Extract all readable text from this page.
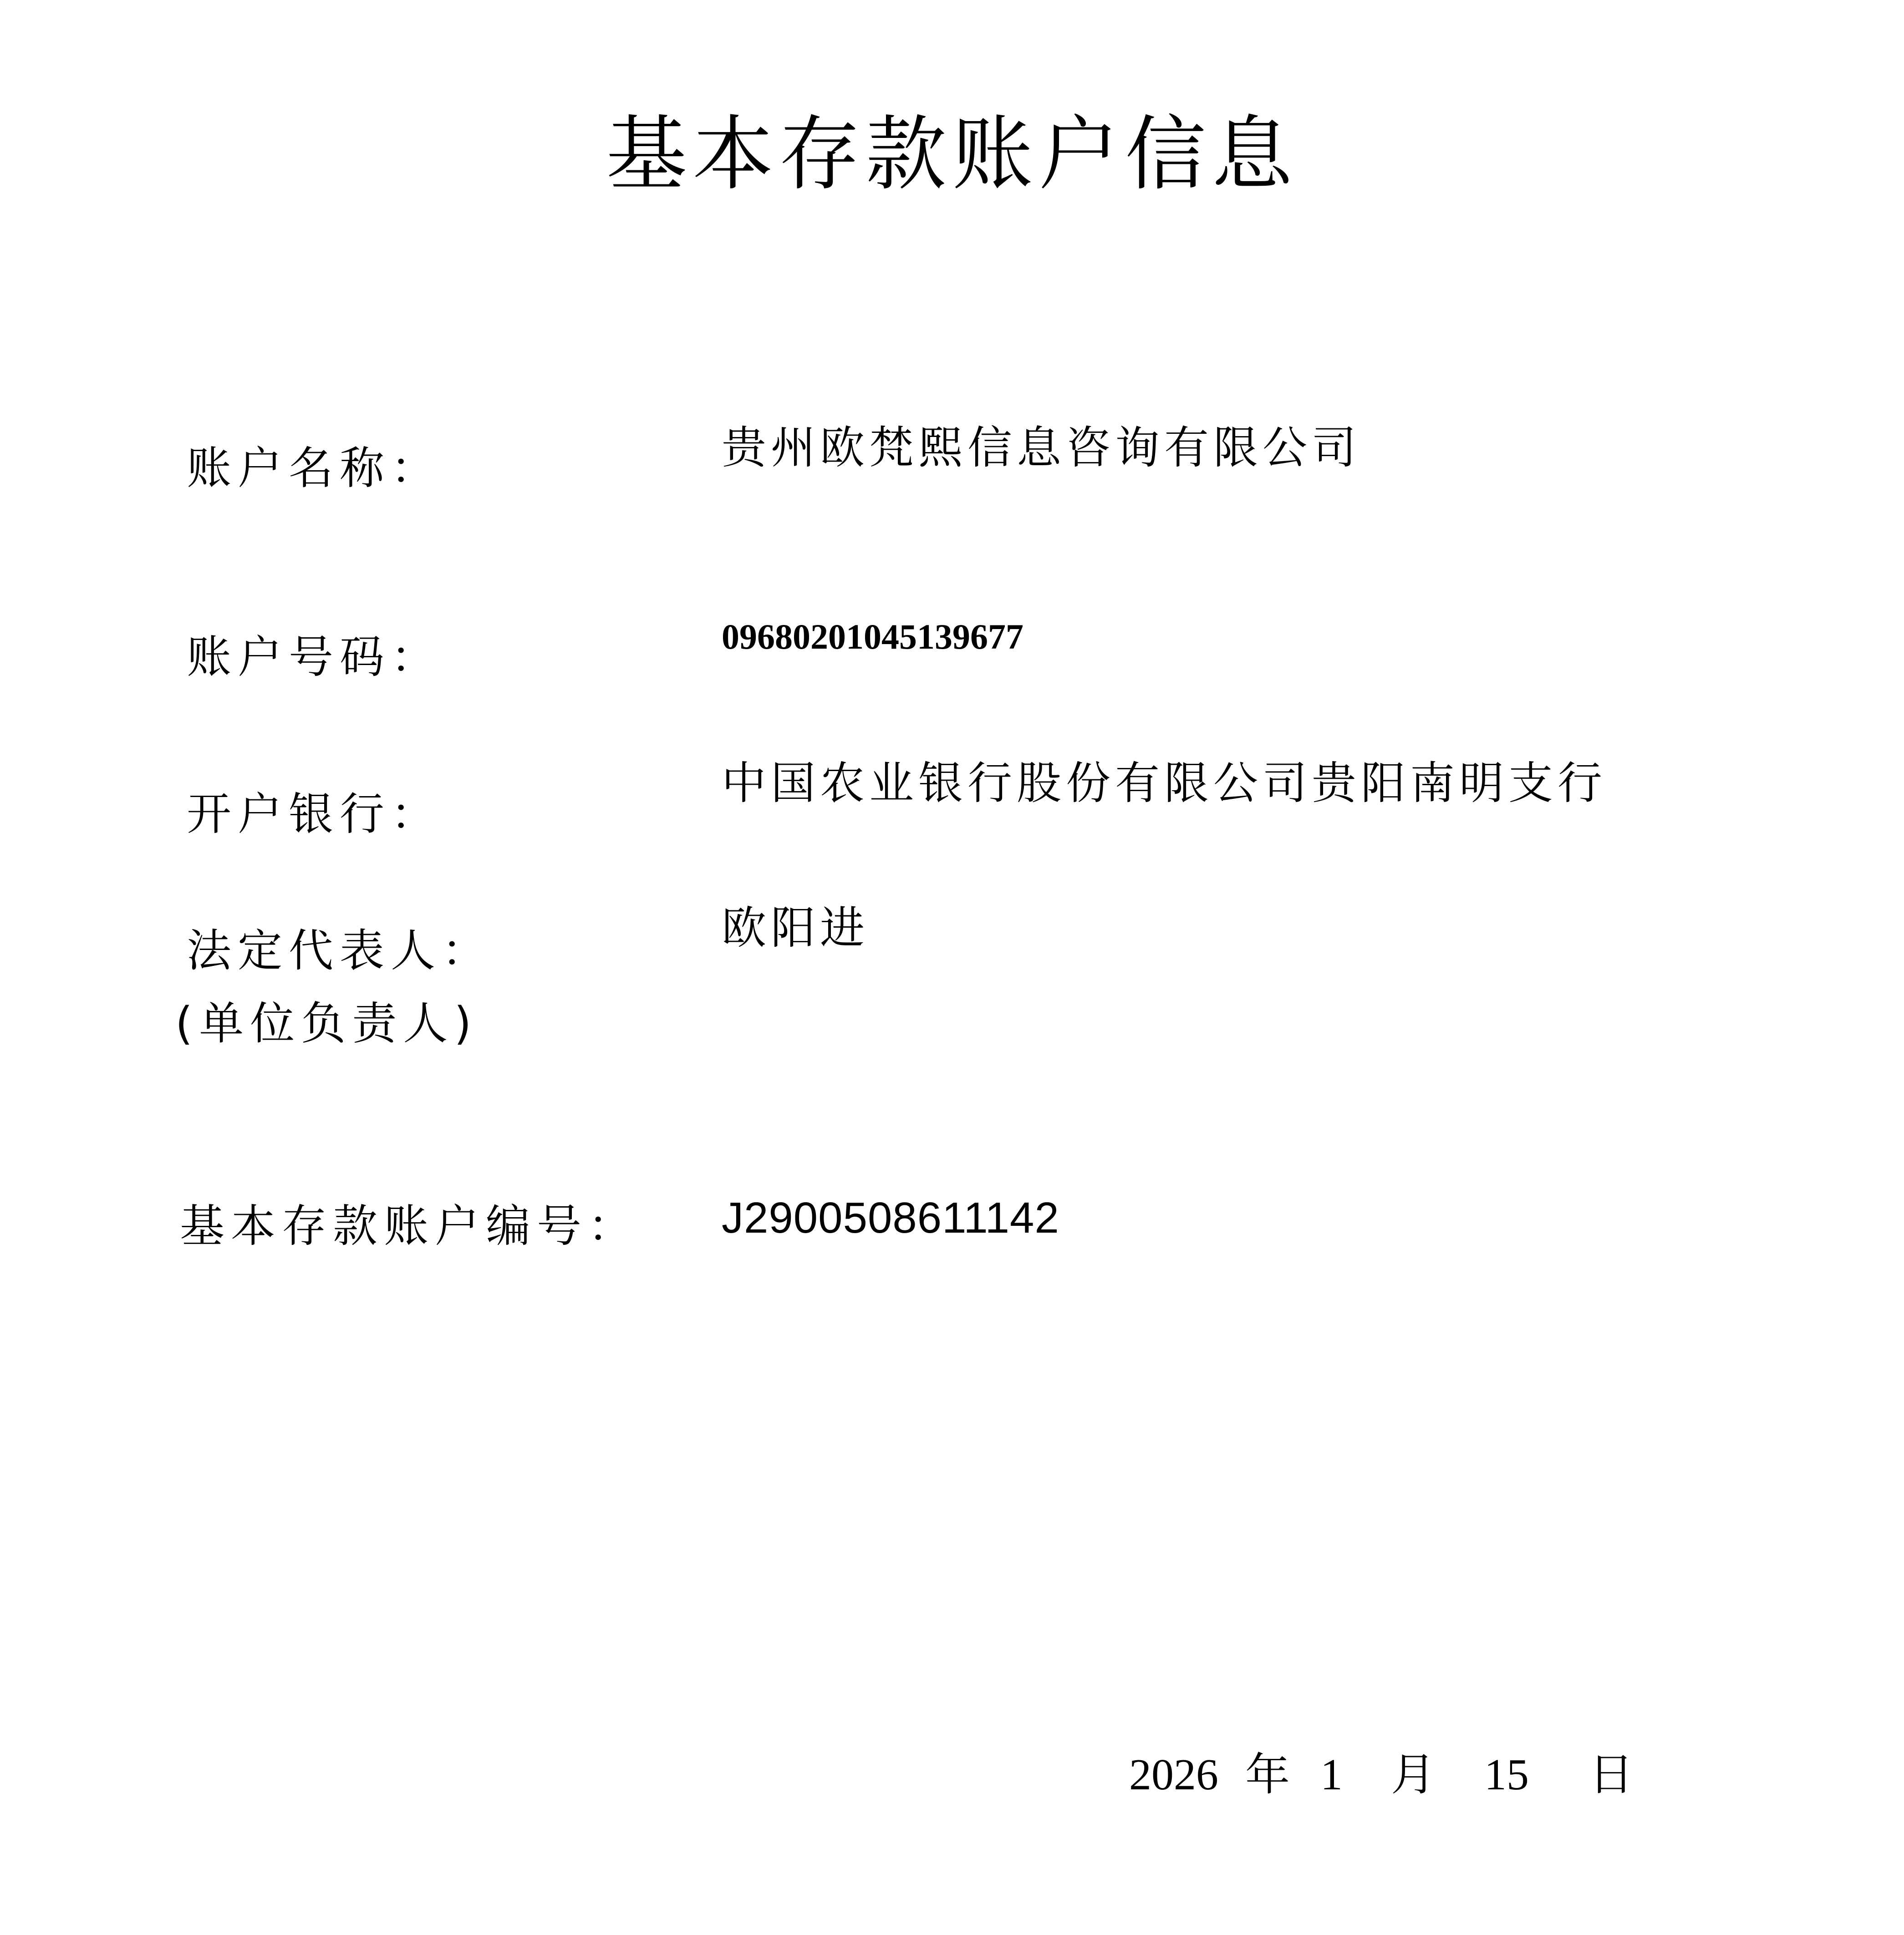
基本存款账户信息
账户名称：	贵州欧梵熙信息咨询有限公司
账户号码：	09680201045139677
开户银行：
中国农业银行股份有限公司贵阳南明支行
法定代表人：
(单位负责人)
欧阳进
基本存款账户编号： J2900508611142
2026 年 1 月 15 日
